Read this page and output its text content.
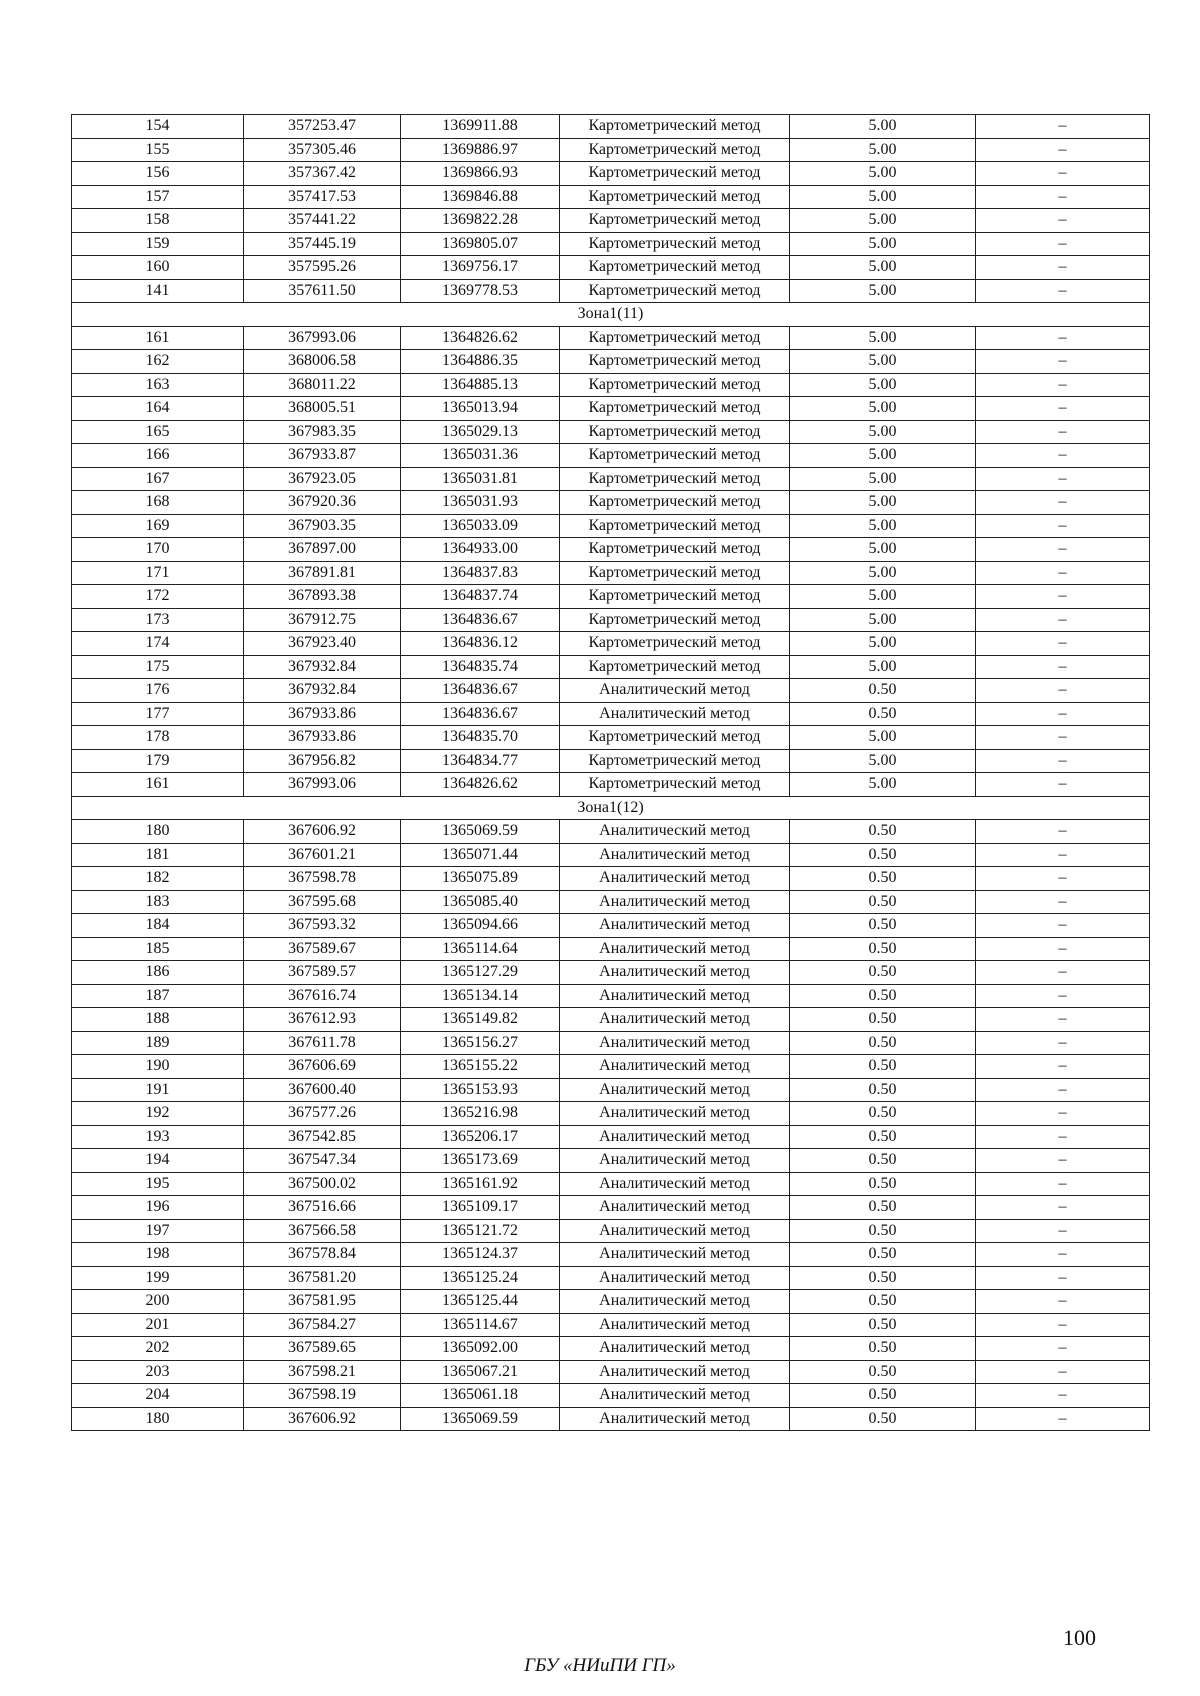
154	357253.47	1369911.88	Картометрический метод	5.00	–
155	357305.46	1369886.97	Картометрический метод	5.00	–
156	357367.42	1369866.93	Картометрический метод	5.00	–
157	357417.53	1369846.88	Картометрический метод	5.00	–
158	357441.22	1369822.28	Картометрический метод	5.00	–
159	357445.19	1369805.07	Картометрический метод	5.00	–
160	357595.26	1369756.17	Картометрический метод	5.00	–
141	357611.50	1369778.53	Картометрический метод	5.00	–
Зона1(11)					
161	367993.06	1364826.62	Картометрический метод	5.00	–
162	368006.58	1364886.35	Картометрический метод	5.00	–
163	368011.22	1364885.13	Картометрический метод	5.00	–
164	368005.51	1365013.94	Картометрический метод	5.00	–
165	367983.35	1365029.13	Картометрический метод	5.00	–
166	367933.87	1365031.36	Картометрический метод	5.00	–
167	367923.05	1365031.81	Картометрический метод	5.00	–
168	367920.36	1365031.93	Картометрический метод	5.00	–
169	367903.35	1365033.09	Картометрический метод	5.00	–
170	367897.00	1364933.00	Картометрический метод	5.00	–
171	367891.81	1364837.83	Картометрический метод	5.00	–
172	367893.38	1364837.74	Картометрический метод	5.00	–
173	367912.75	1364836.67	Картометрический метод	5.00	–
174	367923.40	1364836.12	Картометрический метод	5.00	–
175	367932.84	1364835.74	Картометрический метод	5.00	–
176	367932.84	1364836.67	Аналитический метод	0.50	–
177	367933.86	1364836.67	Аналитический метод	0.50	–
178	367933.86	1364835.70	Картометрический метод	5.00	–
179	367956.82	1364834.77	Картометрический метод	5.00	–
161	367993.06	1364826.62	Картометрический метод	5.00	–
Зона1(12)					
180	367606.92	1365069.59	Аналитический метод	0.50	–
181	367601.21	1365071.44	Аналитический метод	0.50	–
182	367598.78	1365075.89	Аналитический метод	0.50	–
183	367595.68	1365085.40	Аналитический метод	0.50	–
184	367593.32	1365094.66	Аналитический метод	0.50	–
185	367589.67	1365114.64	Аналитический метод	0.50	–
186	367589.57	1365127.29	Аналитический метод	0.50	–
187	367616.74	1365134.14	Аналитический метод	0.50	–
188	367612.93	1365149.82	Аналитический метод	0.50	–
189	367611.78	1365156.27	Аналитический метод	0.50	–
190	367606.69	1365155.22	Аналитический метод	0.50	–
191	367600.40	1365153.93	Аналитический метод	0.50	–
192	367577.26	1365216.98	Аналитический метод	0.50	–
193	367542.85	1365206.17	Аналитический метод	0.50	–
194	367547.34	1365173.69	Аналитический метод	0.50	–
195	367500.02	1365161.92	Аналитический метод	0.50	–
196	367516.66	1365109.17	Аналитический метод	0.50	–
197	367566.58	1365121.72	Аналитический метод	0.50	–
198	367578.84	1365124.37	Аналитический метод	0.50	–
199	367581.20	1365125.24	Аналитический метод	0.50	–
200	367581.95	1365125.44	Аналитический метод	0.50	–
201	367584.27	1365114.67	Аналитический метод	0.50	–
202	367589.65	1365092.00	Аналитический метод	0.50	–
203	367598.21	1365067.21	Аналитический метод	0.50	–
204	367598.19	1365061.18	Аналитический метод	0.50	–
180	367606.92	1365069.59	Аналитический метод	0.50	–
100
ГБУ «НИиПИ ГП»
